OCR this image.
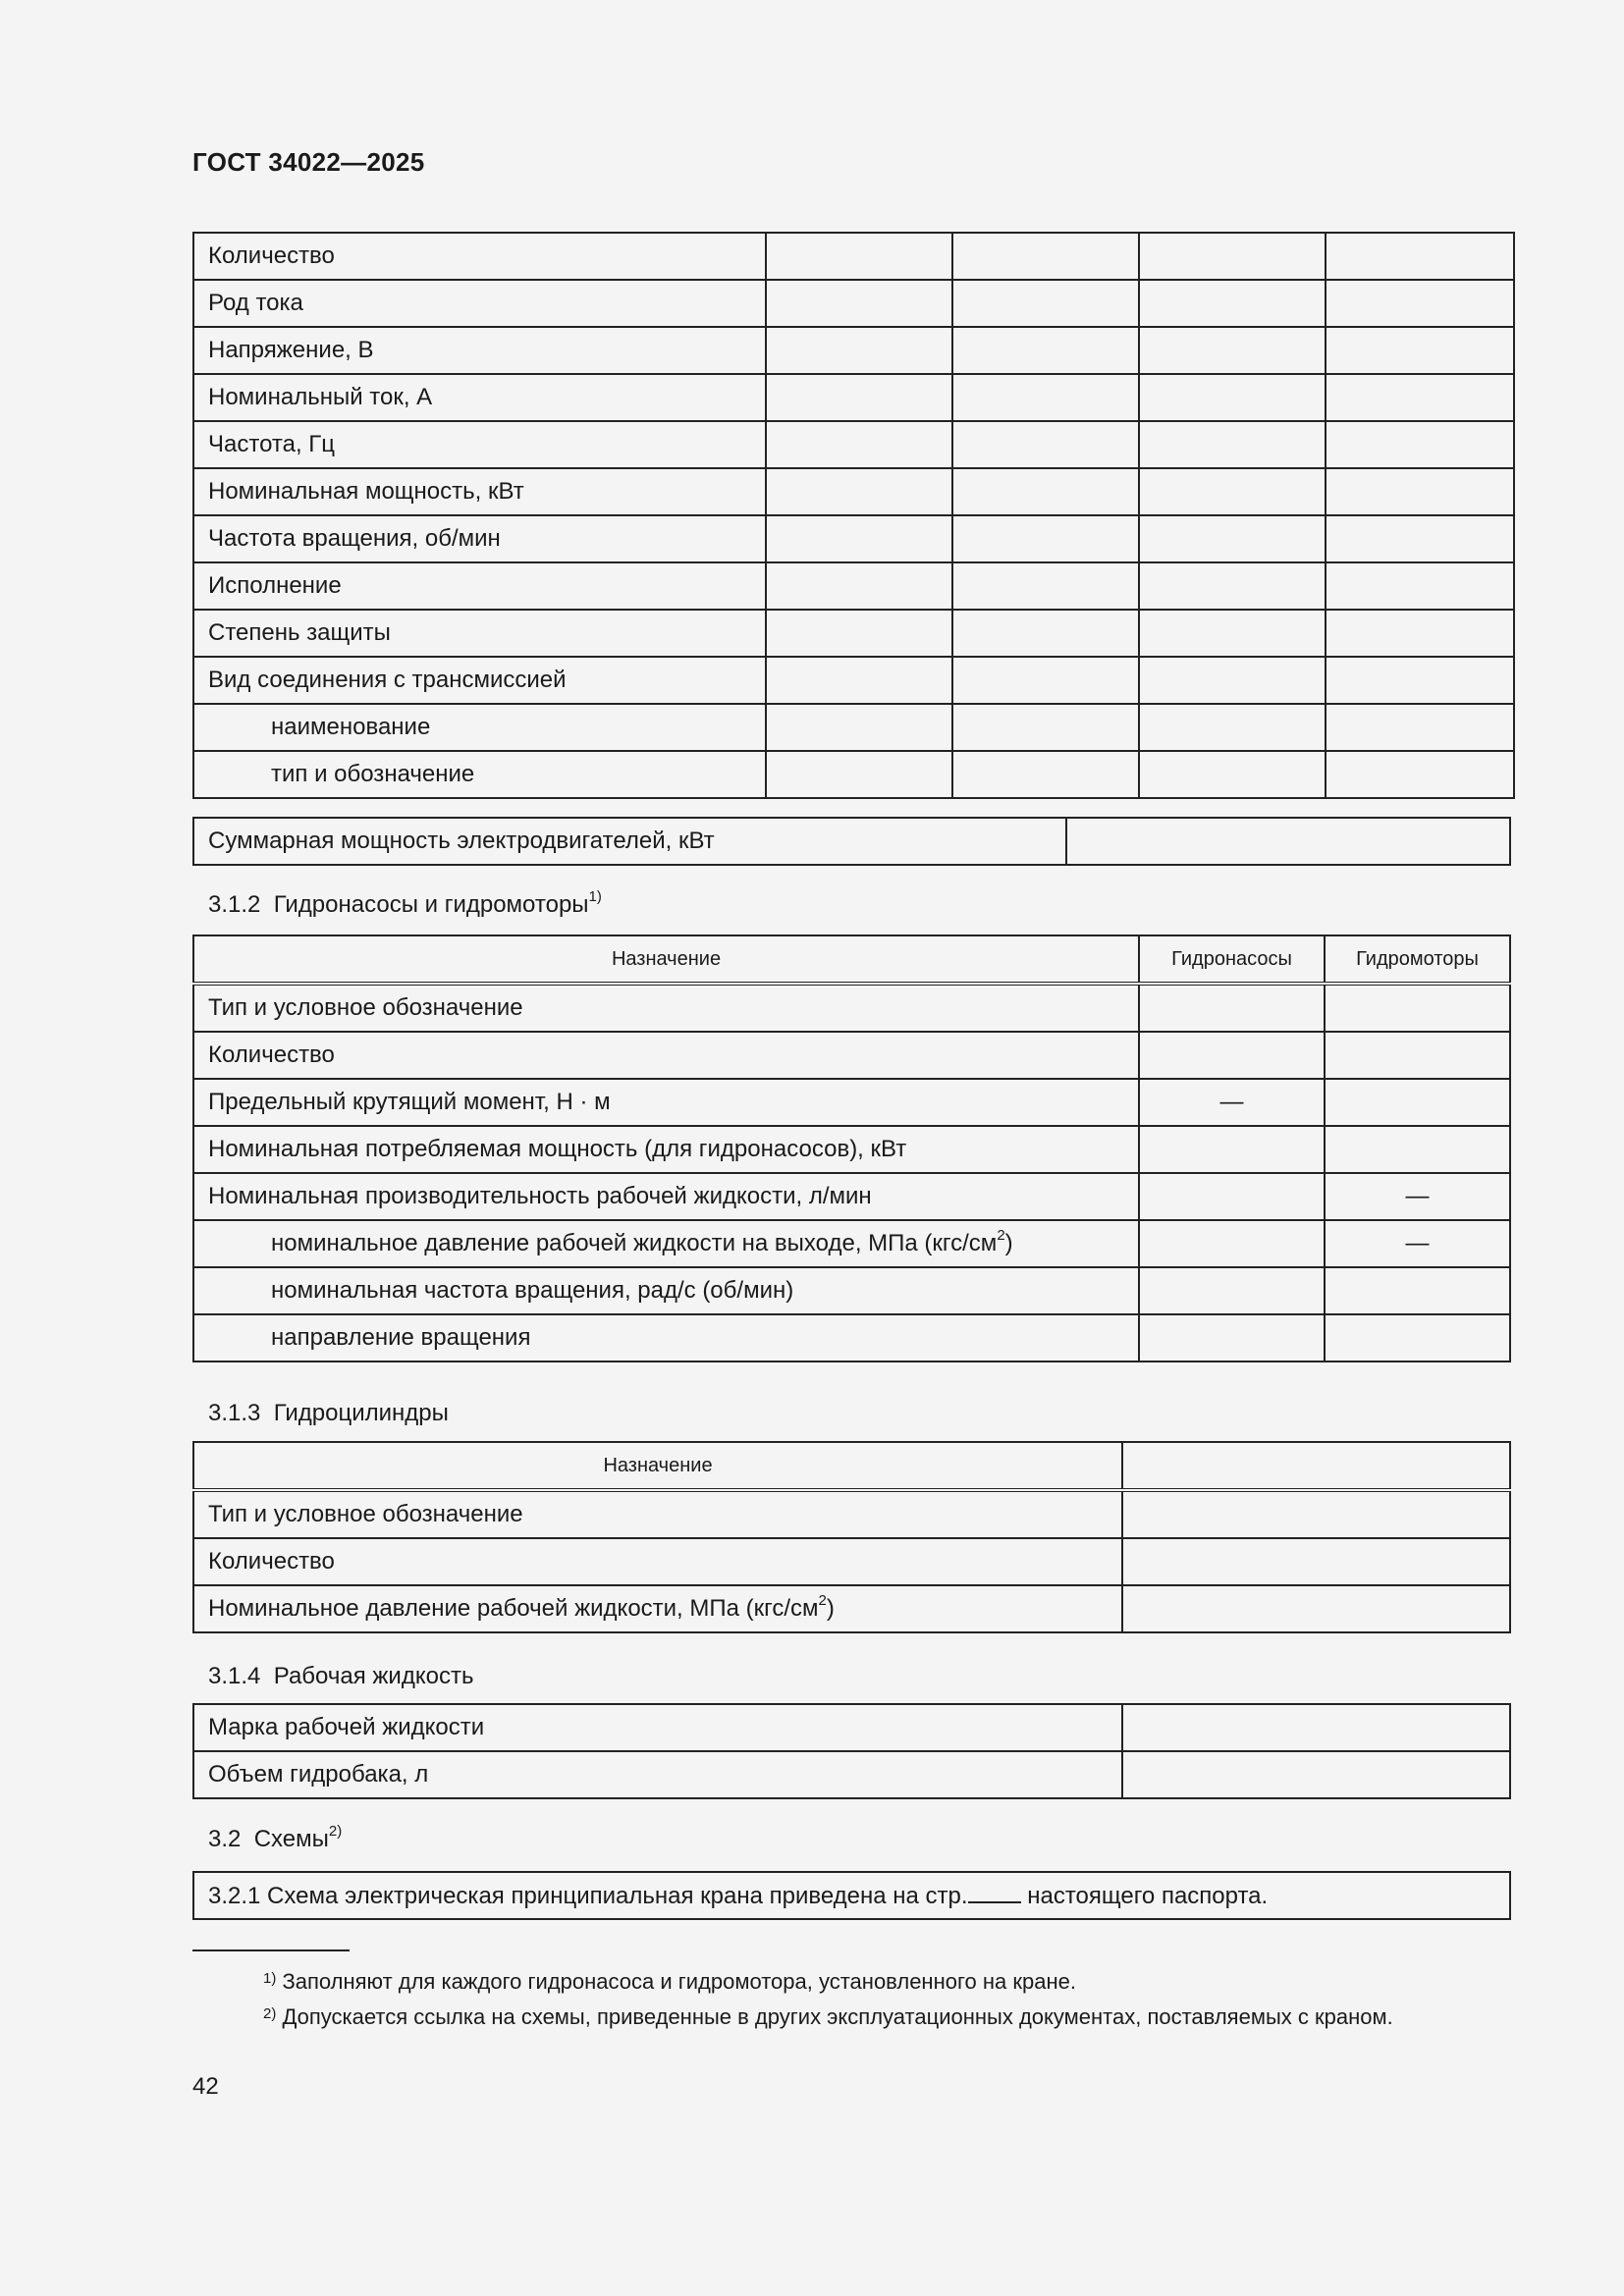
ГОСТ 34022—2025
Количество				
Род тока				
Напряжение, В				
Номинальный ток, А				
Частота, Гц				
Номинальная мощность, кВт				
Частота вращения, об/мин				
Исполнение				
Степень защиты				
Вид соединения с трансмиссией				
наименование				
тип и обозначение				
Суммарная мощность электродвигателей, кВт	
3.1.2 Гидронасосы и гидромоторы$^{1)}$
Назначение	Гидронасосы	Гидромоторы
Тип и условное обозначение		
Количество		
Предельный крутящий момент, Н · м	—	
Номинальная потребляемая мощность (для гидронасосов), кВт		
Номинальная производительность рабочей жидкости, л/мин		—
номинальное давление рабочей жидкости на выходе, МПа $(кгс/см^2)$		—
номинальная частота вращения, рад/с (об/мин)		
направление вращения		
3.1.3 Гидроцилиндры
Назначение	
Тип и условное обозначение	
Количество	
Номинальное давление рабочей жидкости, МПа $(кгс/см^2)$	
3.1.4 Рабочая жидкость
Марка рабочей жидкости	
Объем гидробака, л	
3.2 Схемы$^{2)}$
3.2.1 Схема электрическая принципиальная крана приведена на стр. настоящего паспорта.
$^{1)}$ Заполняют для каждого гидронасоса и гидромотора, установленного на кране.
$^{2)}$ Допускается ссылка на схемы, приведенные в других эксплуатационных документах, поставляемых с краном.
42
